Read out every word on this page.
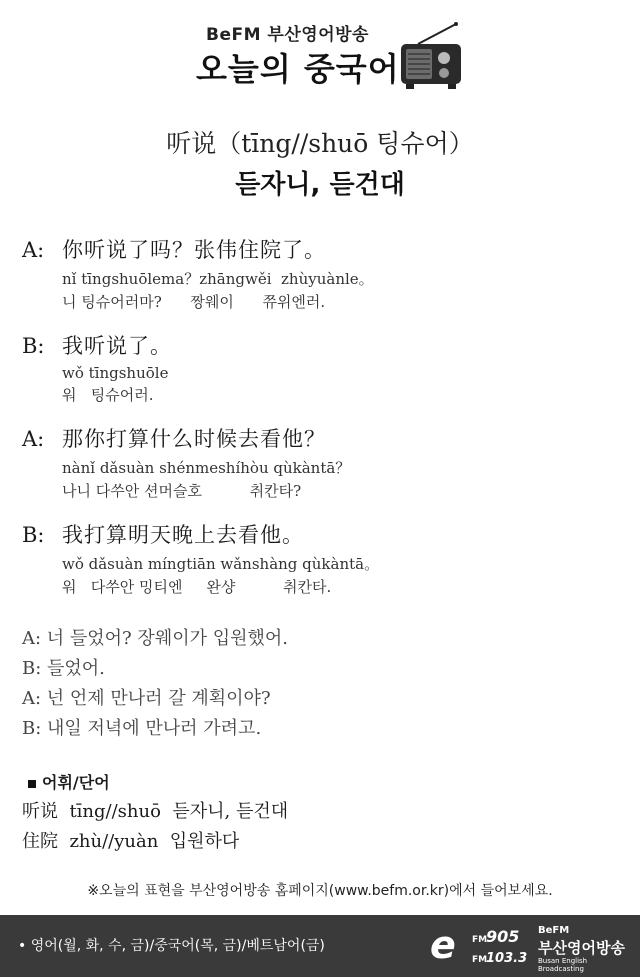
BeFM 부산영어방송
오늘의 중국어
听说（tīng//shuō 팅슈어）
듣자니, 듣건대
A: 你听说了吗？张伟住院了。
nǐ tīngshuōlema？zhāngwěi  zhùyuànle。
니 팅슈어러마?      짱웨이      쮸위엔러.
B: 我听说了。
wǒ tīngshuōle
워   팅슈어러.
A: 那你打算什么时候去看他？
nànǐ dǎsuàn shénmeshíhòu qùkàntā？
나니 다쑤안 션머슬호          취칸타?
B: 我打算明天晚上去看他。
wǒ dǎsuàn míngtiān wǎnshàng qùkàntā。
워   다쑤안 밍티엔     완샹          취칸타.
A: 너 들었어? 장웨이가 입원했어.
B: 들었어.
A: 넌 언제 만나러 갈 계획이야?
B: 내일 저녁에 만나러 가려고.
어휘/단어
听说  tīng//shuō  듣자니, 듣건대
住院  zhù//yuàn  입원하다
※오늘의 표현을 부산영어방송 홈페이지(www.befm.or.kr)에서 들어보세요.
• 영어(월, 화, 수, 금)/중국어(목, 금)/베트남어(금)	e FM
905
FM
103.3
BeFM
부산영어방송
Busan English Broadcasting
